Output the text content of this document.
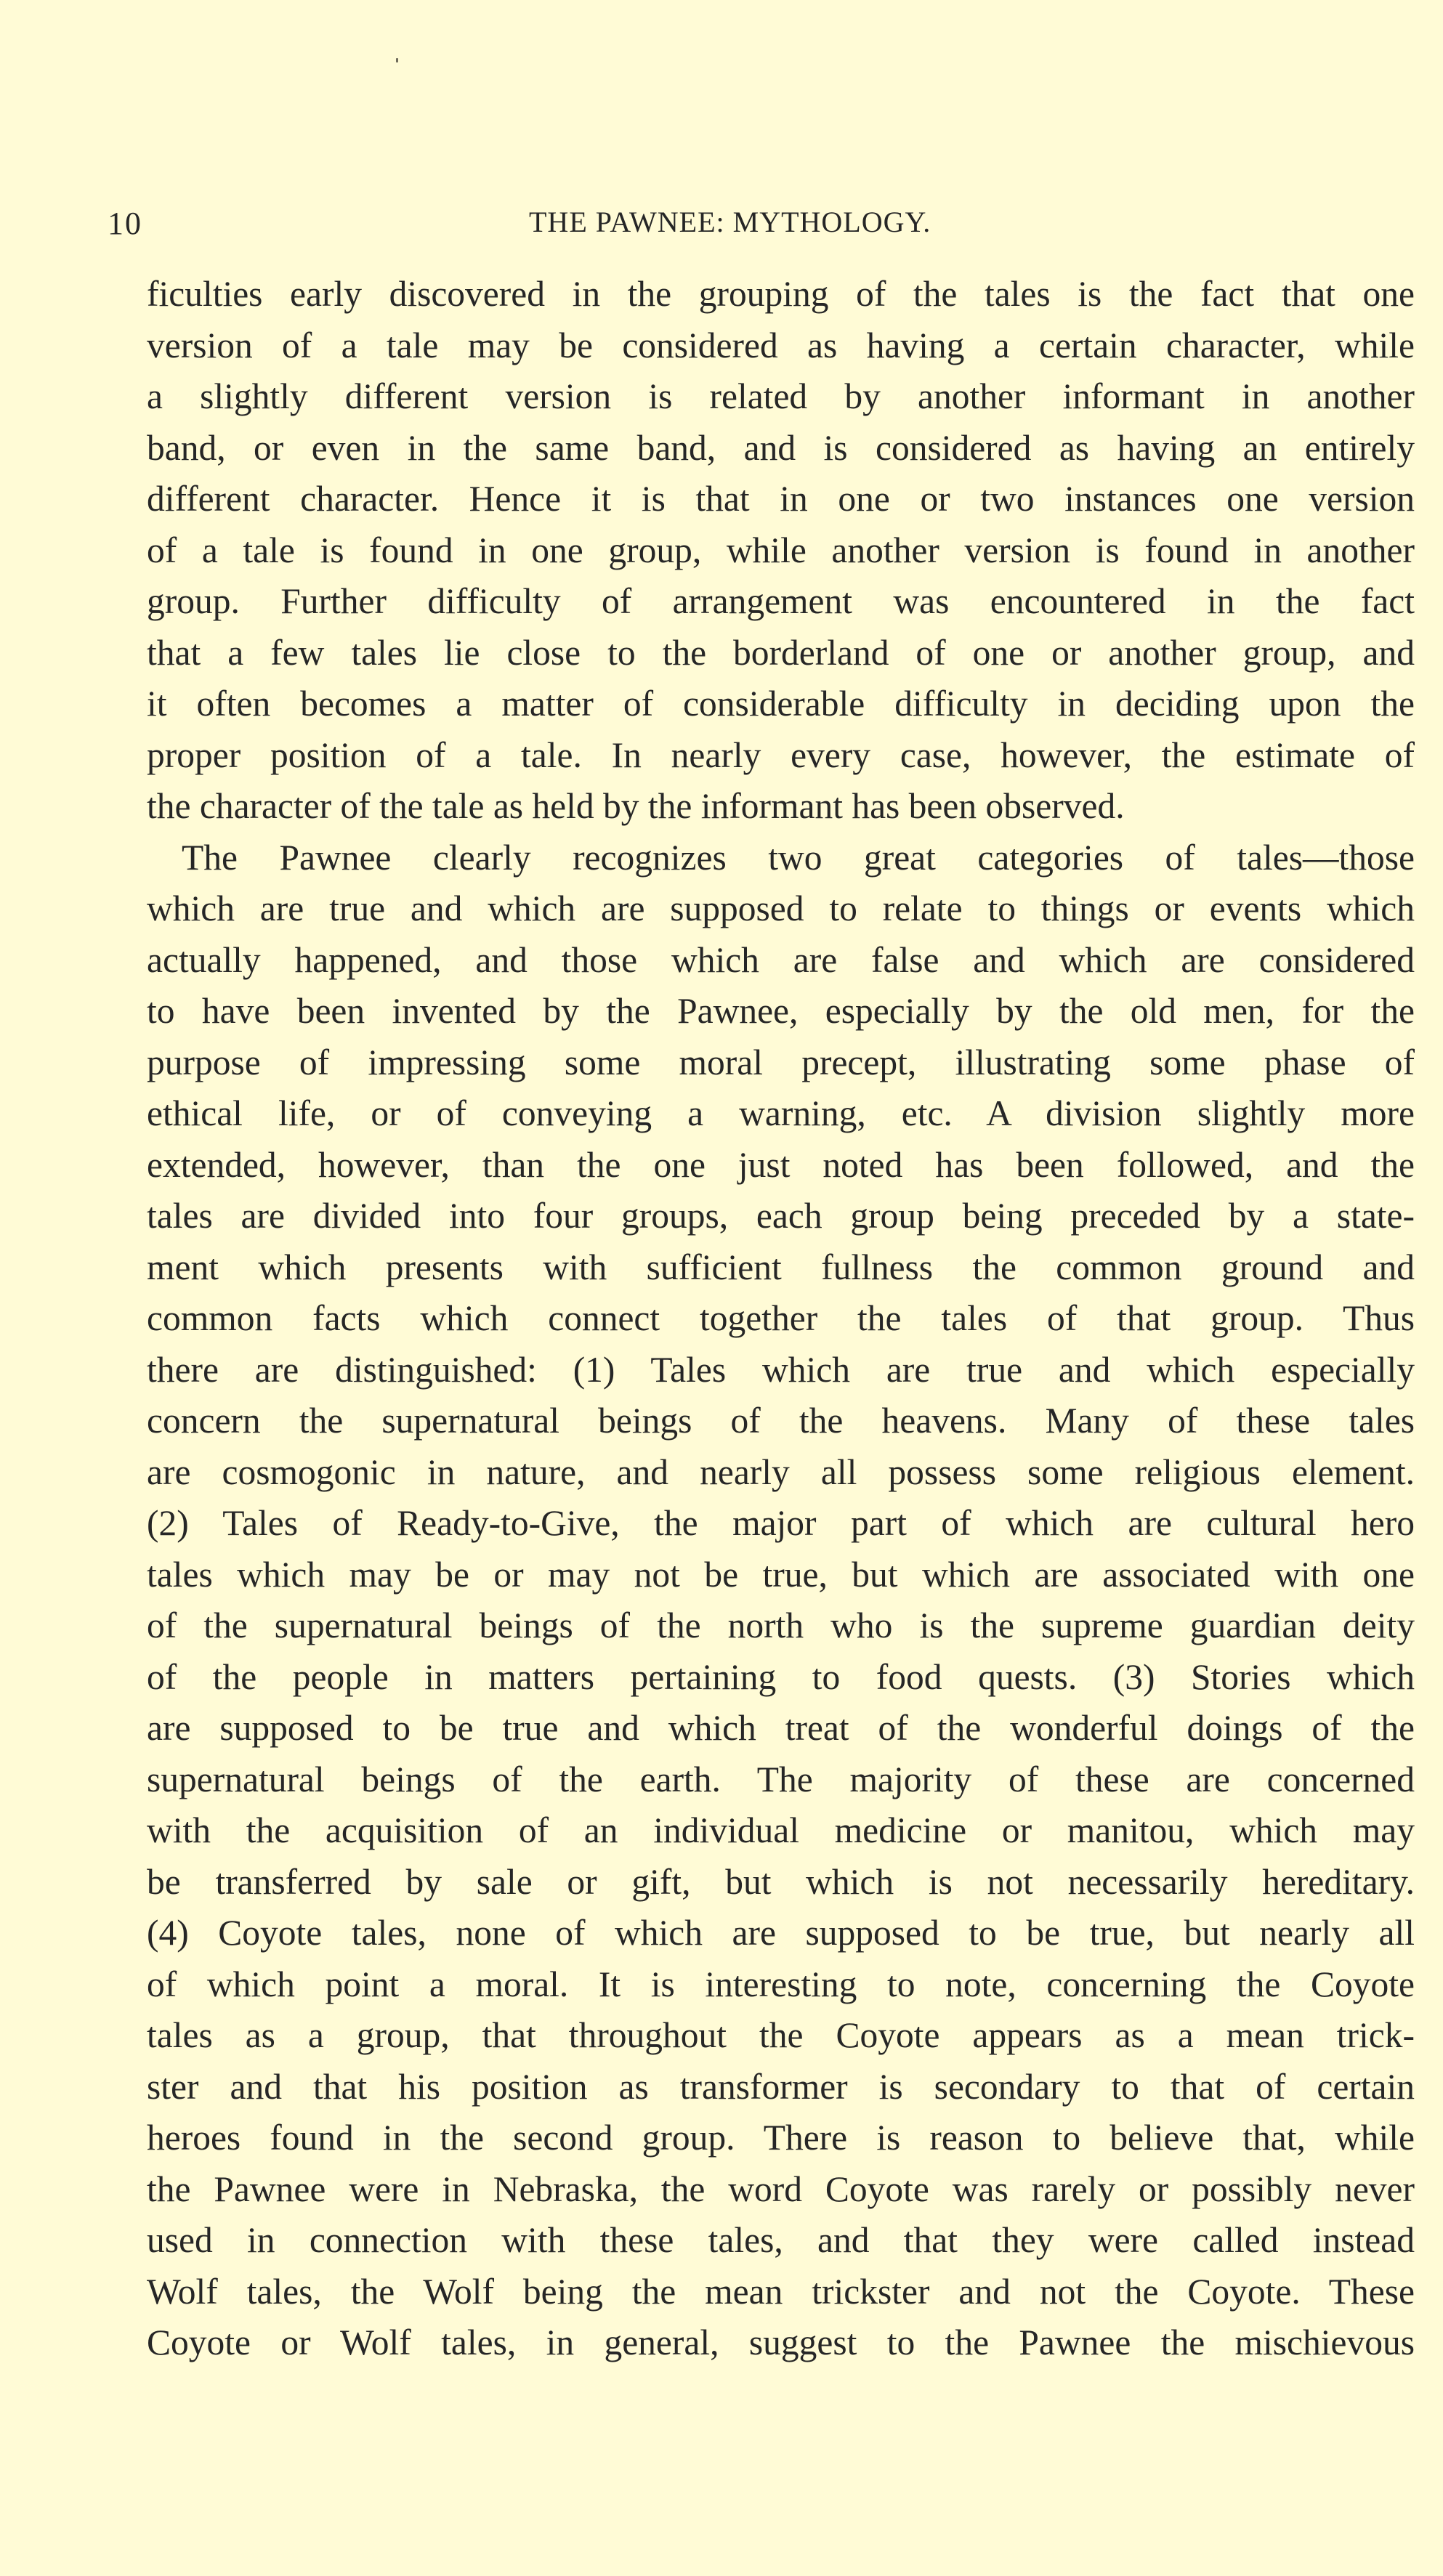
10	THE PAWNEE: MYTHOLOGY.
ficulties early discovered in the grouping of the tales is the fact that one
version of a tale may be considered as having a certain character, while
a slightly different version is related by another informant in another
band, or even in the same band, and is considered as having an entirely
different character. Hence it is that in one or two instances one version
of a tale is found in one group, while another version is found in another
group. Further difficulty of arrangement was encountered in the fact
that a few tales lie close to the borderland of one or another group, and
it often becomes a matter of considerable difficulty in deciding upon the
proper position of a tale. In nearly every case, however, the estimate of
the character of the tale as held by the informant has been observed.
The Pawnee clearly recognizes two great categories of tales—those
which are true and which are supposed to relate to things or events which
actually happened, and those which are false and which are considered
to have been invented by the Pawnee, especially by the old men, for the
purpose of impressing some moral precept, illustrating some phase of
ethical life, or of conveying a warning, etc. A division slightly more
extended, however, than the one just noted has been followed, and the
tales are divided into four groups, each group being preceded by a state-
ment which presents with sufficient fullness the common ground and
common facts which connect together the tales of that group. Thus
there are distinguished: (1) Tales which are true and which especially
concern the supernatural beings of the heavens. Many of these tales
are cosmogonic in nature, and nearly all possess some religious element.
(2) Tales of Ready-to-Give, the major part of which are cultural hero
tales which may be or may not be true, but which are associated with one
of the supernatural beings of the north who is the supreme guardian deity
of the people in matters pertaining to food quests. (3) Stories which
are supposed to be true and which treat of the wonderful doings of the
supernatural beings of the earth. The majority of these are concerned
with the acquisition of an individual medicine or manitou, which may
be transferred by sale or gift, but which is not necessarily hereditary.
(4) Coyote tales, none of which are supposed to be true, but nearly all
of which point a moral. It is interesting to note, concerning the Coyote
tales as a group, that throughout the Coyote appears as a mean trick-
ster and that his position as transformer is secondary to that of certain
heroes found in the second group. There is reason to believe that, while
the Pawnee were in Nebraska, the word Coyote was rarely or possibly never
used in connection with these tales, and that they were called instead
Wolf tales, the Wolf being the mean trickster and not the Coyote. These
Coyote or Wolf tales, in general, suggest to the Pawnee the mischievous
